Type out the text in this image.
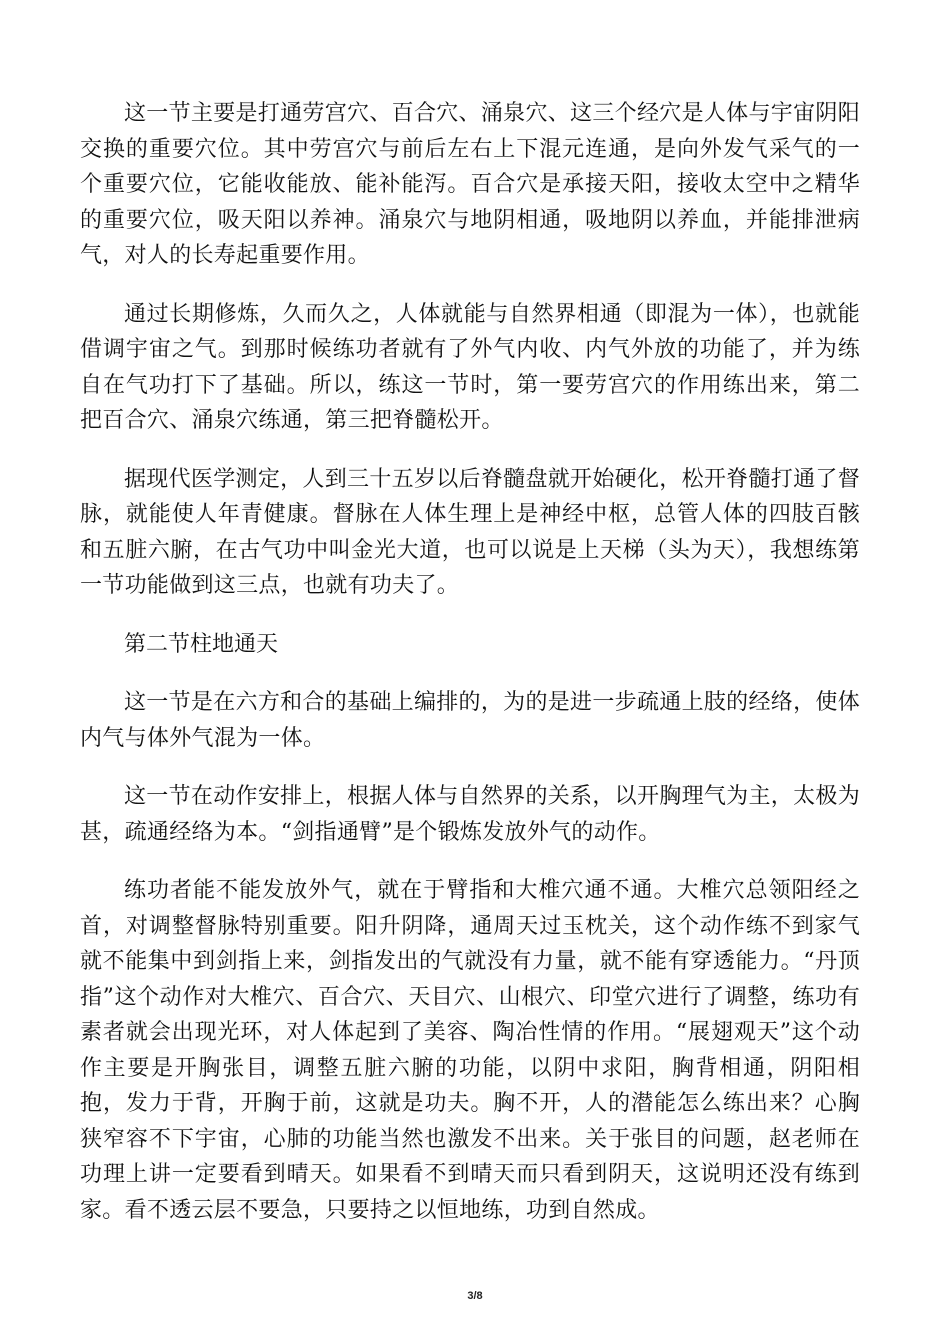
这一节主要是打通劳宫穴、百合穴、涌泉穴、这三个经穴是人体与宇宙阴阳交换的重要穴位。其中劳宫穴与前后左右上下混元连通，是向外发气采气的一个重要穴位，它能收能放、能补能泻。百合穴是承接天阳，接收太空中之精华的重要穴位，吸天阳以养神。涌泉穴与地阴相通，吸地阴以养血，并能排泄病气，对人的长寿起重要作用。

通过长期修炼，久而久之，人体就能与自然界相通（即混为一体），也就能借调宇宙之气。到那时候练功者就有了外气内收、内气外放的功能了，并为练自在气功打下了基础。所以，练这一节时，第一要劳宫穴的作用练出来，第二把百合穴、涌泉穴练通，第三把脊髓松开。

据现代医学测定，人到三十五岁以后脊髓盘就开始硬化，松开脊髓打通了督脉，就能使人年青健康。督脉在人体生理上是神经中枢，总管人体的四肢百骸和五脏六腑，在古气功中叫金光大道，也可以说是上天梯（头为天），我想练第一节功能做到这三点，也就有功夫了。

第二节柱地通天

这一节是在六方和合的基础上编排的，为的是进一步疏通上肢的经络，使体内气与体外气混为一体。

这一节在动作安排上，根据人体与自然界的关系，以开胸理气为主，太极为甚，疏通经络为本。“剑指通臂”是个锻炼发放外气的动作。

练功者能不能发放外气，就在于臂指和大椎穴通不通。大椎穴总领阳经之首，对调整督脉特别重要。阳升阴降，通周天过玉枕关，这个动作练不到家气就不能集中到剑指上来，剑指发出的气就没有力量，就不能有穿透能力。“丹顶指”这个动作对大椎穴、百合穴、天目穴、山根穴、印堂穴进行了调整，练功有素者就会出现光环，对人体起到了美容、陶冶性情的作用。“展翅观天”这个动作主要是开胸张目，调整五脏六腑的功能，以阴中求阳，胸背相通，阴阳相抱，发力于背，开胸于前，这就是功夫。胸不开，人的潜能怎么练出来？心胸狭窄容不下宇宙，心肺的功能当然也激发不出来。关于张目的问题，赵老师在功理上讲一定要看到晴天。如果看不到晴天而只看到阴天，这说明还没有练到家。看不透云层不要急，只要持之以恒地练，功到自然成。

3/8
